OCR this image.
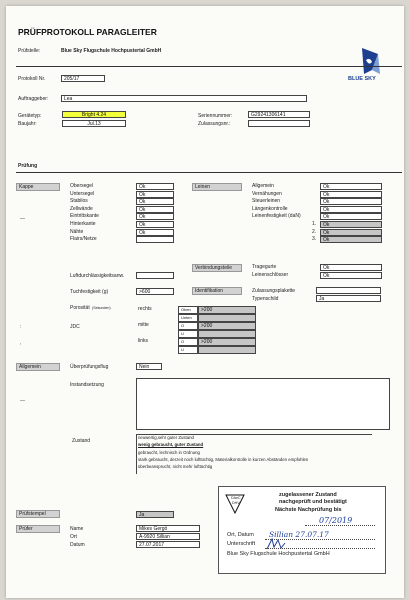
PRÜFPROTOKOLL PARAGLEITER
Prüfstelle:	Blue Sky Flugschule Hochpustertal GmbH
BLUE SKY
Protokoll Nr.	205/17
Auftraggeber:	Lea
Gerätetyp:	Bright 4.24
Baujahr:	Jul.13
Seriennummer:	G29241306141
Zulassungsnr.:
Prüfung
Kappe
—
Obersegel	Ok
Untersegel	Ok
Stabilos	Ok
Zellwände	Ok
Eintrittskante	Ok
Hinterkante	Ok
Nähte	Ok
Flairs/Netze
Leinen	Allgemein	Ok
Vernähungen	Ok
Steuerleinen	Ok
Längenkontrolle	Ok
Leinenfestigkeit (daN)	Ok
1.	Ok
2.	Ok
3.	Ok
Verbindungsteile	Tragegurte	Ok
Leinenschlösser	Ok
Luftdurchlässigkeitsanw.
Tuchfestigkeit (g)	>600	Identifikation	Zulassungsplakette
Typenschild	Ja
Porosität (Sekunden)
JDC
rechts	Oben	>200
Unten
mitte	O	>200
U
links	O	>200
U
:
,
Allgemein	Überprüfungsflug	Nein
Instandsetzung
—
Zustand
neuwertig,sehr guter Zustand
wenig gebraucht, guter Zustand
gebraucht, lechnisch in Ordnung
stark gebraucht, derzeit noch lufttüchtig, Materialkontrolle in kurzen Abständen empfohlen
überbeansprucht, nicht mehr lufttüchtig
DAeC
DHV
zugelassener Zustand
nachgeprüft und bestätigt
Nächste Nachprüfung bis
07/2019
Ort, Datum Sillian 27.07.17
Unterschrift
Blue Sky Flugschule Hochpustertal GmbH
Prüfstempel	Ja
Prüfer	Name	Mikes Gergö
Ort	A-9920 Sillian
Datum	27.07.2017
